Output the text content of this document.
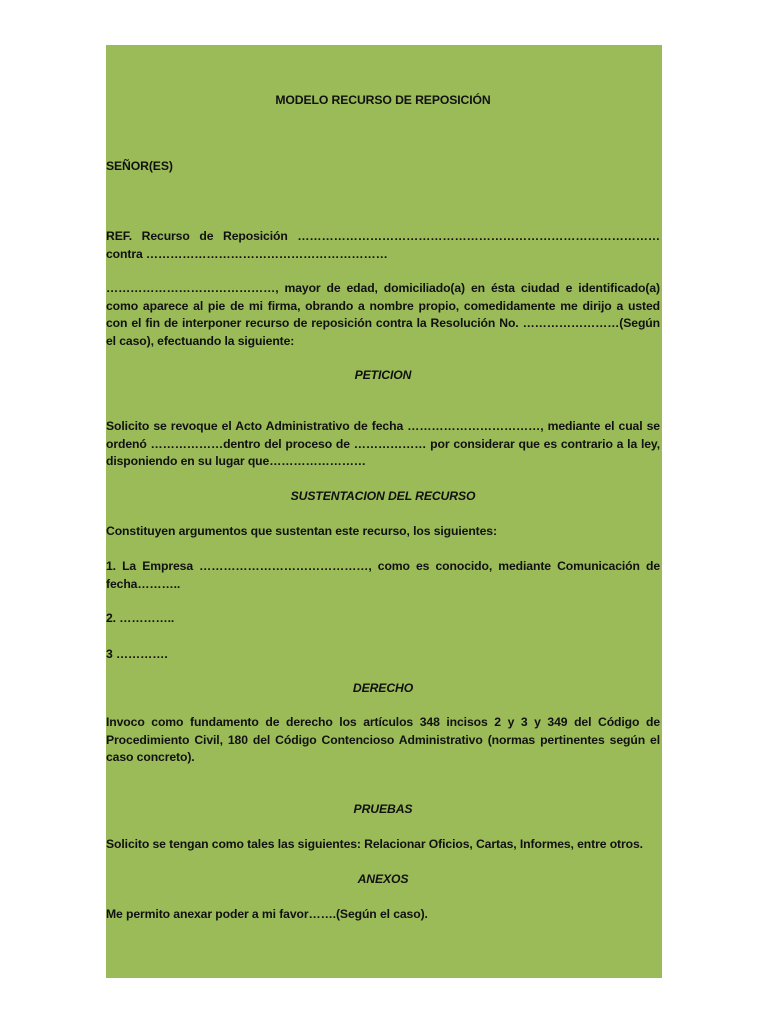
MODELO RECURSO DE REPOSICIÓN

SEÑOR(ES)

REF. Recurso de Reposición ………………………………………………………………………………
contra ……………………………………………………

……………………………………, mayor de edad, domiciliado(a) en ésta ciudad e identificado(a) como aparece al pie de mi firma, obrando a nombre propio, comedidamente me dirijo a usted con el fin de interponer recurso de reposición contra la Resolución No. ……………………(Según el caso), efectuando la siguiente:

PETICION

Solicito se revoque el Acto Administrativo de fecha ……………………………, mediante el cual se ordenó ………………dentro del proceso de ……………… por considerar que es contrario a la ley, disponiendo en su lugar que……………………

SUSTENTACION DEL RECURSO

Constituyen argumentos que sustentan este recurso, los siguientes:

1. La Empresa ……………………………………, como es conocido, mediante Comunicación de fecha………..

2. …………..

3 ………….

DERECHO

Invoco como fundamento de derecho los artículos 348 incisos 2 y 3 y 349 del Código de Procedimiento Civil, 180 del Código Contencioso Administrativo (normas pertinentes según el caso concreto).

PRUEBAS

Solicito se tengan como tales las siguientes: Relacionar Oficios, Cartas, Informes, entre otros.

ANEXOS

Me permito anexar poder a mi favor…….(Según el caso).
